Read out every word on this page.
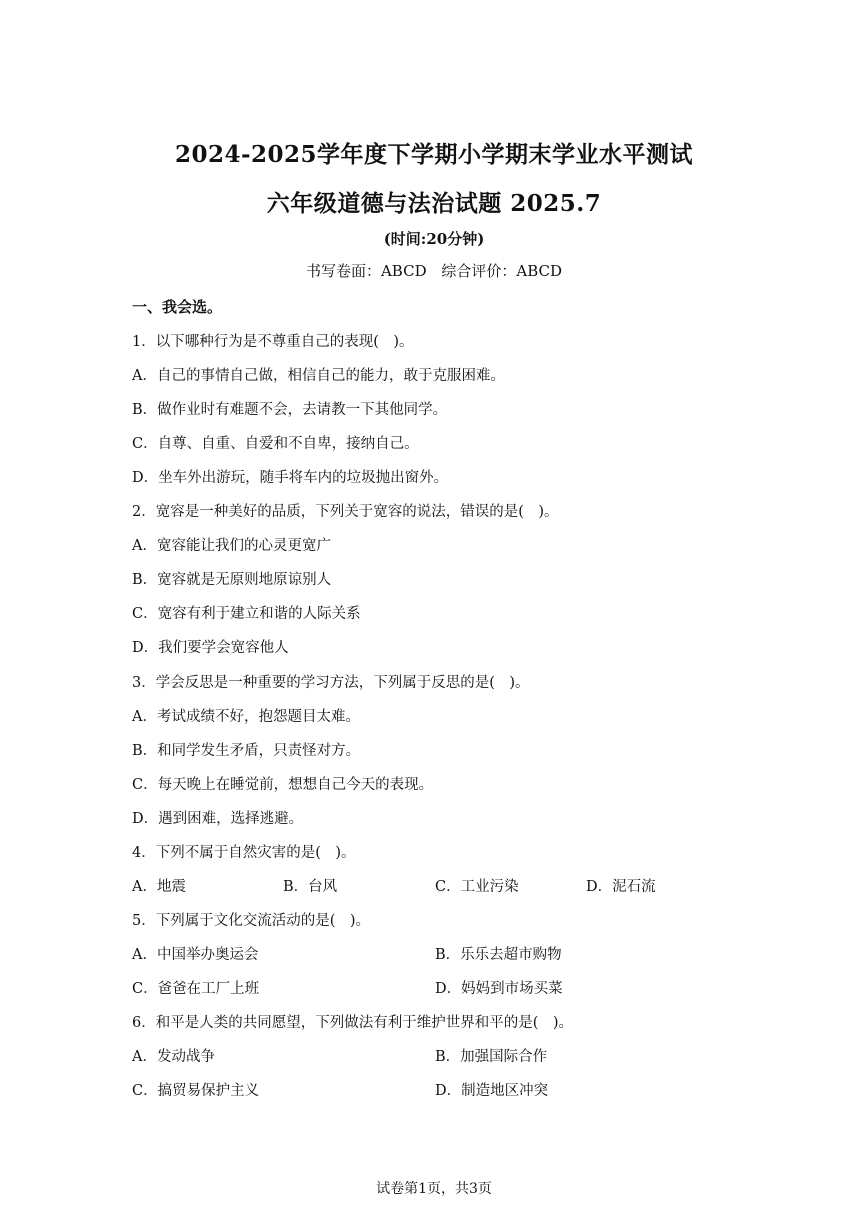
2024-2025学年度下学期小学期末学业水平测试
六年级道德与法治试题 2025.7
(时间:20分钟)
书写卷面：ABCD 综合评价：ABCD
一、我会选。
1．以下哪种行为是不尊重自己的表现(　)。
A．自己的事情自己做，相信自己的能力，敢于克服困难。
B．做作业时有难题不会，去请教一下其他同学。
C．自尊、自重、自爱和不自卑，接纳自己。
D．坐车外出游玩，随手将车内的垃圾抛出窗外。
2．宽容是一种美好的品质，下列关于宽容的说法，错误的是(　)。
A．宽容能让我们的心灵更宽广
B．宽容就是无原则地原谅别人
C．宽容有利于建立和谐的人际关系
D．我们要学会宽容他人
3．学会反思是一种重要的学习方法，下列属于反思的是(　)。
A．考试成绩不好，抱怨题目太难。
B．和同学发生矛盾，只责怪对方。
C．每天晚上在睡觉前，想想自己今天的表现。
D．遇到困难，选择逃避。
4．下列不属于自然灾害的是(　)。
A．地震	B．台风	C．工业污染	D．泥石流
5．下列属于文化交流活动的是(　)。
A．中国举办奥运会	B．乐乐去超市购物
C．爸爸在工厂上班	D．妈妈到市场买菜
6．和平是人类的共同愿望，下列做法有利于维护世界和平的是(　)。
A．发动战争	B．加强国际合作
C．搞贸易保护主义	D．制造地区冲突
试卷第1页，共3页
